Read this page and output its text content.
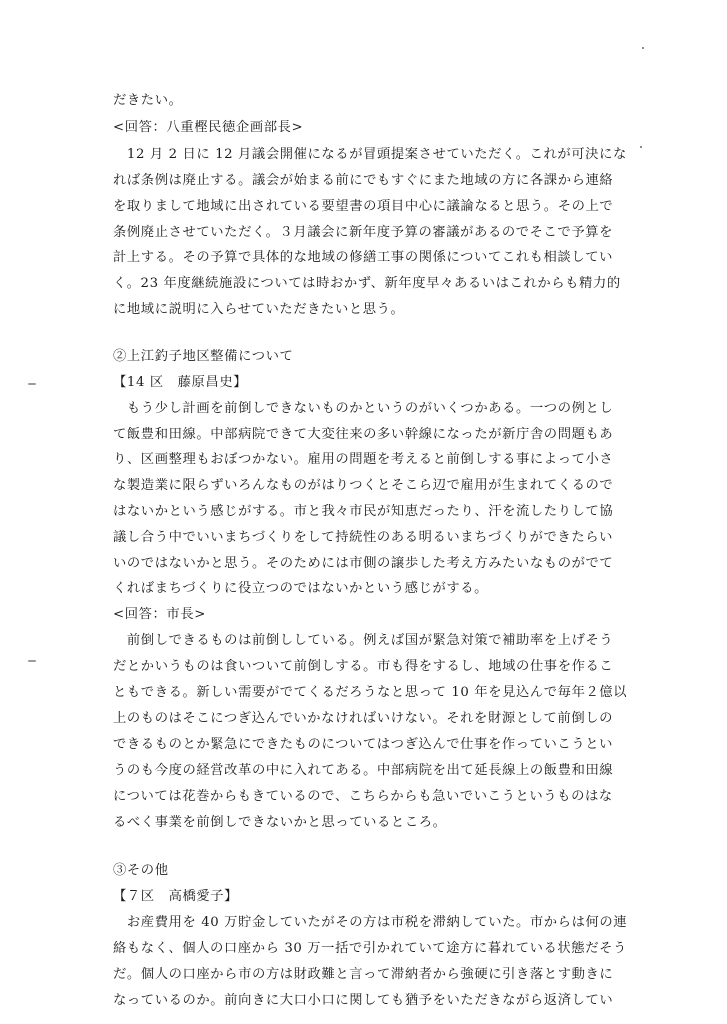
だきたい。

<回答：八重樫民徳企画部長>

　12 月 2 日に 12 月議会開催になるが冒頭提案させていただく。これが可決にな

れば条例は廃止する。議会が始まる前にでもすぐにまた地域の方に各課から連絡

を取りまして地域に出されている要望書の項目中心に議論なると思う。その上で

条例廃止させていただく。３月議会に新年度予算の審議があるのでそこで予算を

計上する。その予算で具体的な地域の修繕工事の関係についてこれも相談してい

く。23 年度継続施設については時おかず、新年度早々あるいはこれからも精力的

に地域に説明に入らせていただきたいと思う。

②上江釣子地区整備について

【14 区　藤原昌史】

　もう少し計画を前倒しできないものかというのがいくつかある。一つの例とし

て飯豊和田線。中部病院できて大変往来の多い幹線になったが新庁舎の問題もあ

り、区画整理もおぼつかない。雇用の問題を考えると前倒しする事によって小さ

な製造業に限らずいろんなものがはりつくとそこら辺で雇用が生まれてくるので

はないかという感じがする。市と我々市民が知恵だったり、汗を流したりして協

議し合う中でいいまちづくりをして持続性のある明るいまちづくりができたらい

いのではないかと思う。そのためには市側の譲歩した考え方みたいなものがでて

くればまちづくりに役立つのではないかという感じがする。

<回答：市長>

　前倒しできるものは前倒ししている。例えば国が緊急対策で補助率を上げそう

だとかいうものは食いついて前倒しする。市も得をするし、地域の仕事を作るこ

ともできる。新しい需要がでてくるだろうなと思って 10 年を見込んで毎年２億以

上のものはそこにつぎ込んでいかなければいけない。それを財源として前倒しの

できるものとか緊急にできたものについてはつぎ込んで仕事を作っていこうとい

うのも今度の経営改革の中に入れてある。中部病院を出て延長線上の飯豊和田線

については花巻からもきているので、こちらからも急いでいこうというものはな

るべく事業を前倒しできないかと思っているところ。

③その他

【７区　高橋愛子】

　お産費用を 40 万貯金していたがその方は市税を滞納していた。市からは何の連

絡もなく、個人の口座から 30 万一括で引かれていて途方に暮れている状態だそう

だ。個人の口座から市の方は財政難と言って滞納者から強硬に引き落とす動きに

なっているのか。前向きに大口小口に関しても猶予をいただきながら返済してい
